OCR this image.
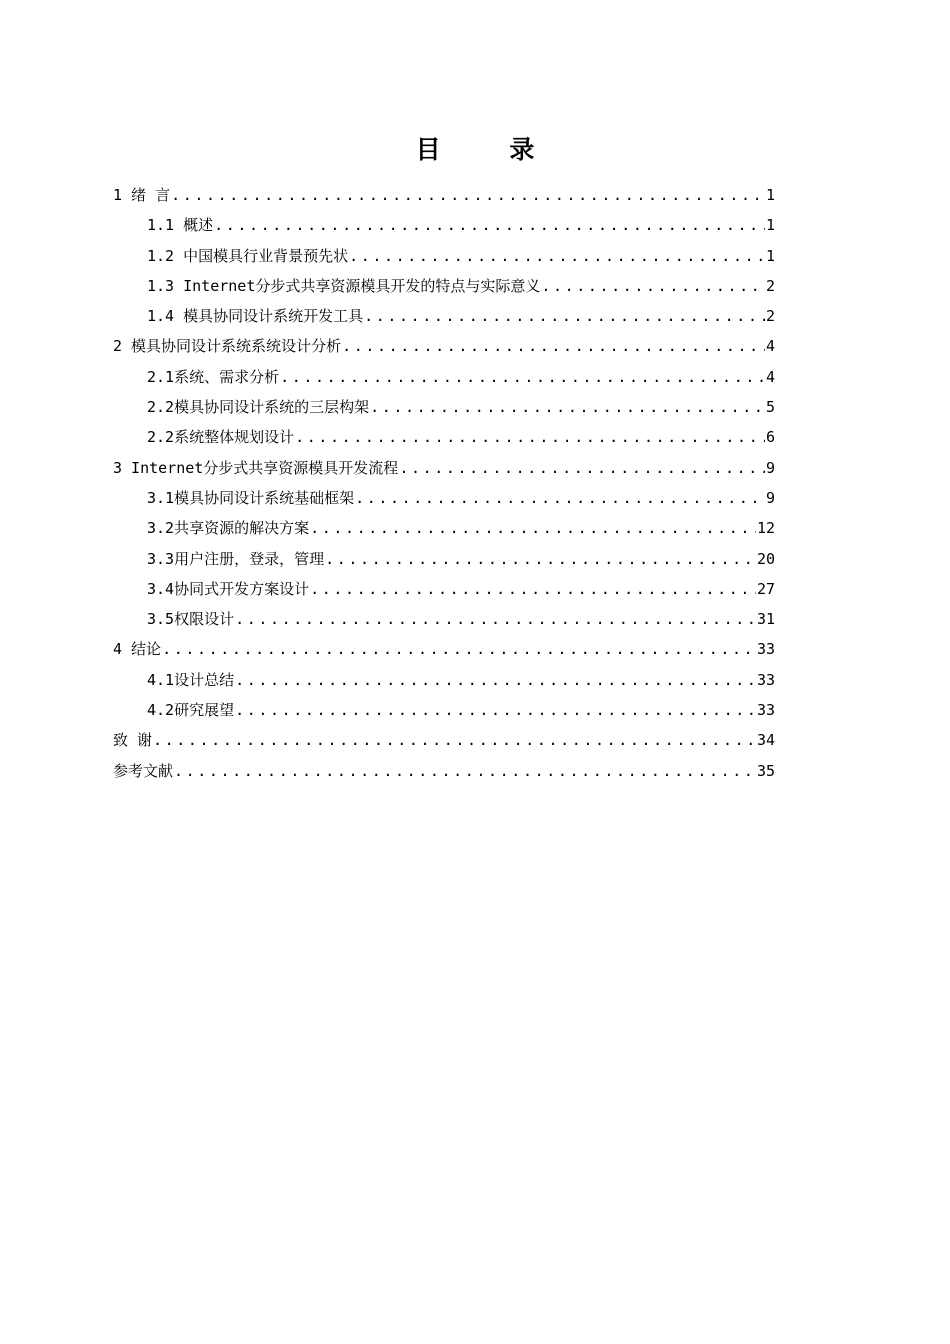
目 录
1 绪 言 .....	1
1.1 概述 .....	1
1.2 中国模具行业背景预先状 .....	1
1.3 Internet分步式共享资源模具开发的特点与实际意义 .....	2
1.4 模具协同设计系统开发工具 .....	2
2 模具协同设计系统系统设计分析 .....	4
2.1系统、需求分析 .....	4
2.2模具协同设计系统的三层构架 .....	5
2.2系统整体规划设计 .....	6
3 Internet分步式共享资源模具开发流程 .....	9
3.1模具协同设计系统基础框架 .....	9
3.2共享资源的解决方案 .....	12
3.3用户注册，登录，管理 .....	20
3.4协同式开发方案设计 .....	27
3.5权限设计 .....	31
4 结论 .....	33
4.1设计总结 .....	33
4.2研究展望 .....	33
致 谢 .....	34
参考文献 .....	35
